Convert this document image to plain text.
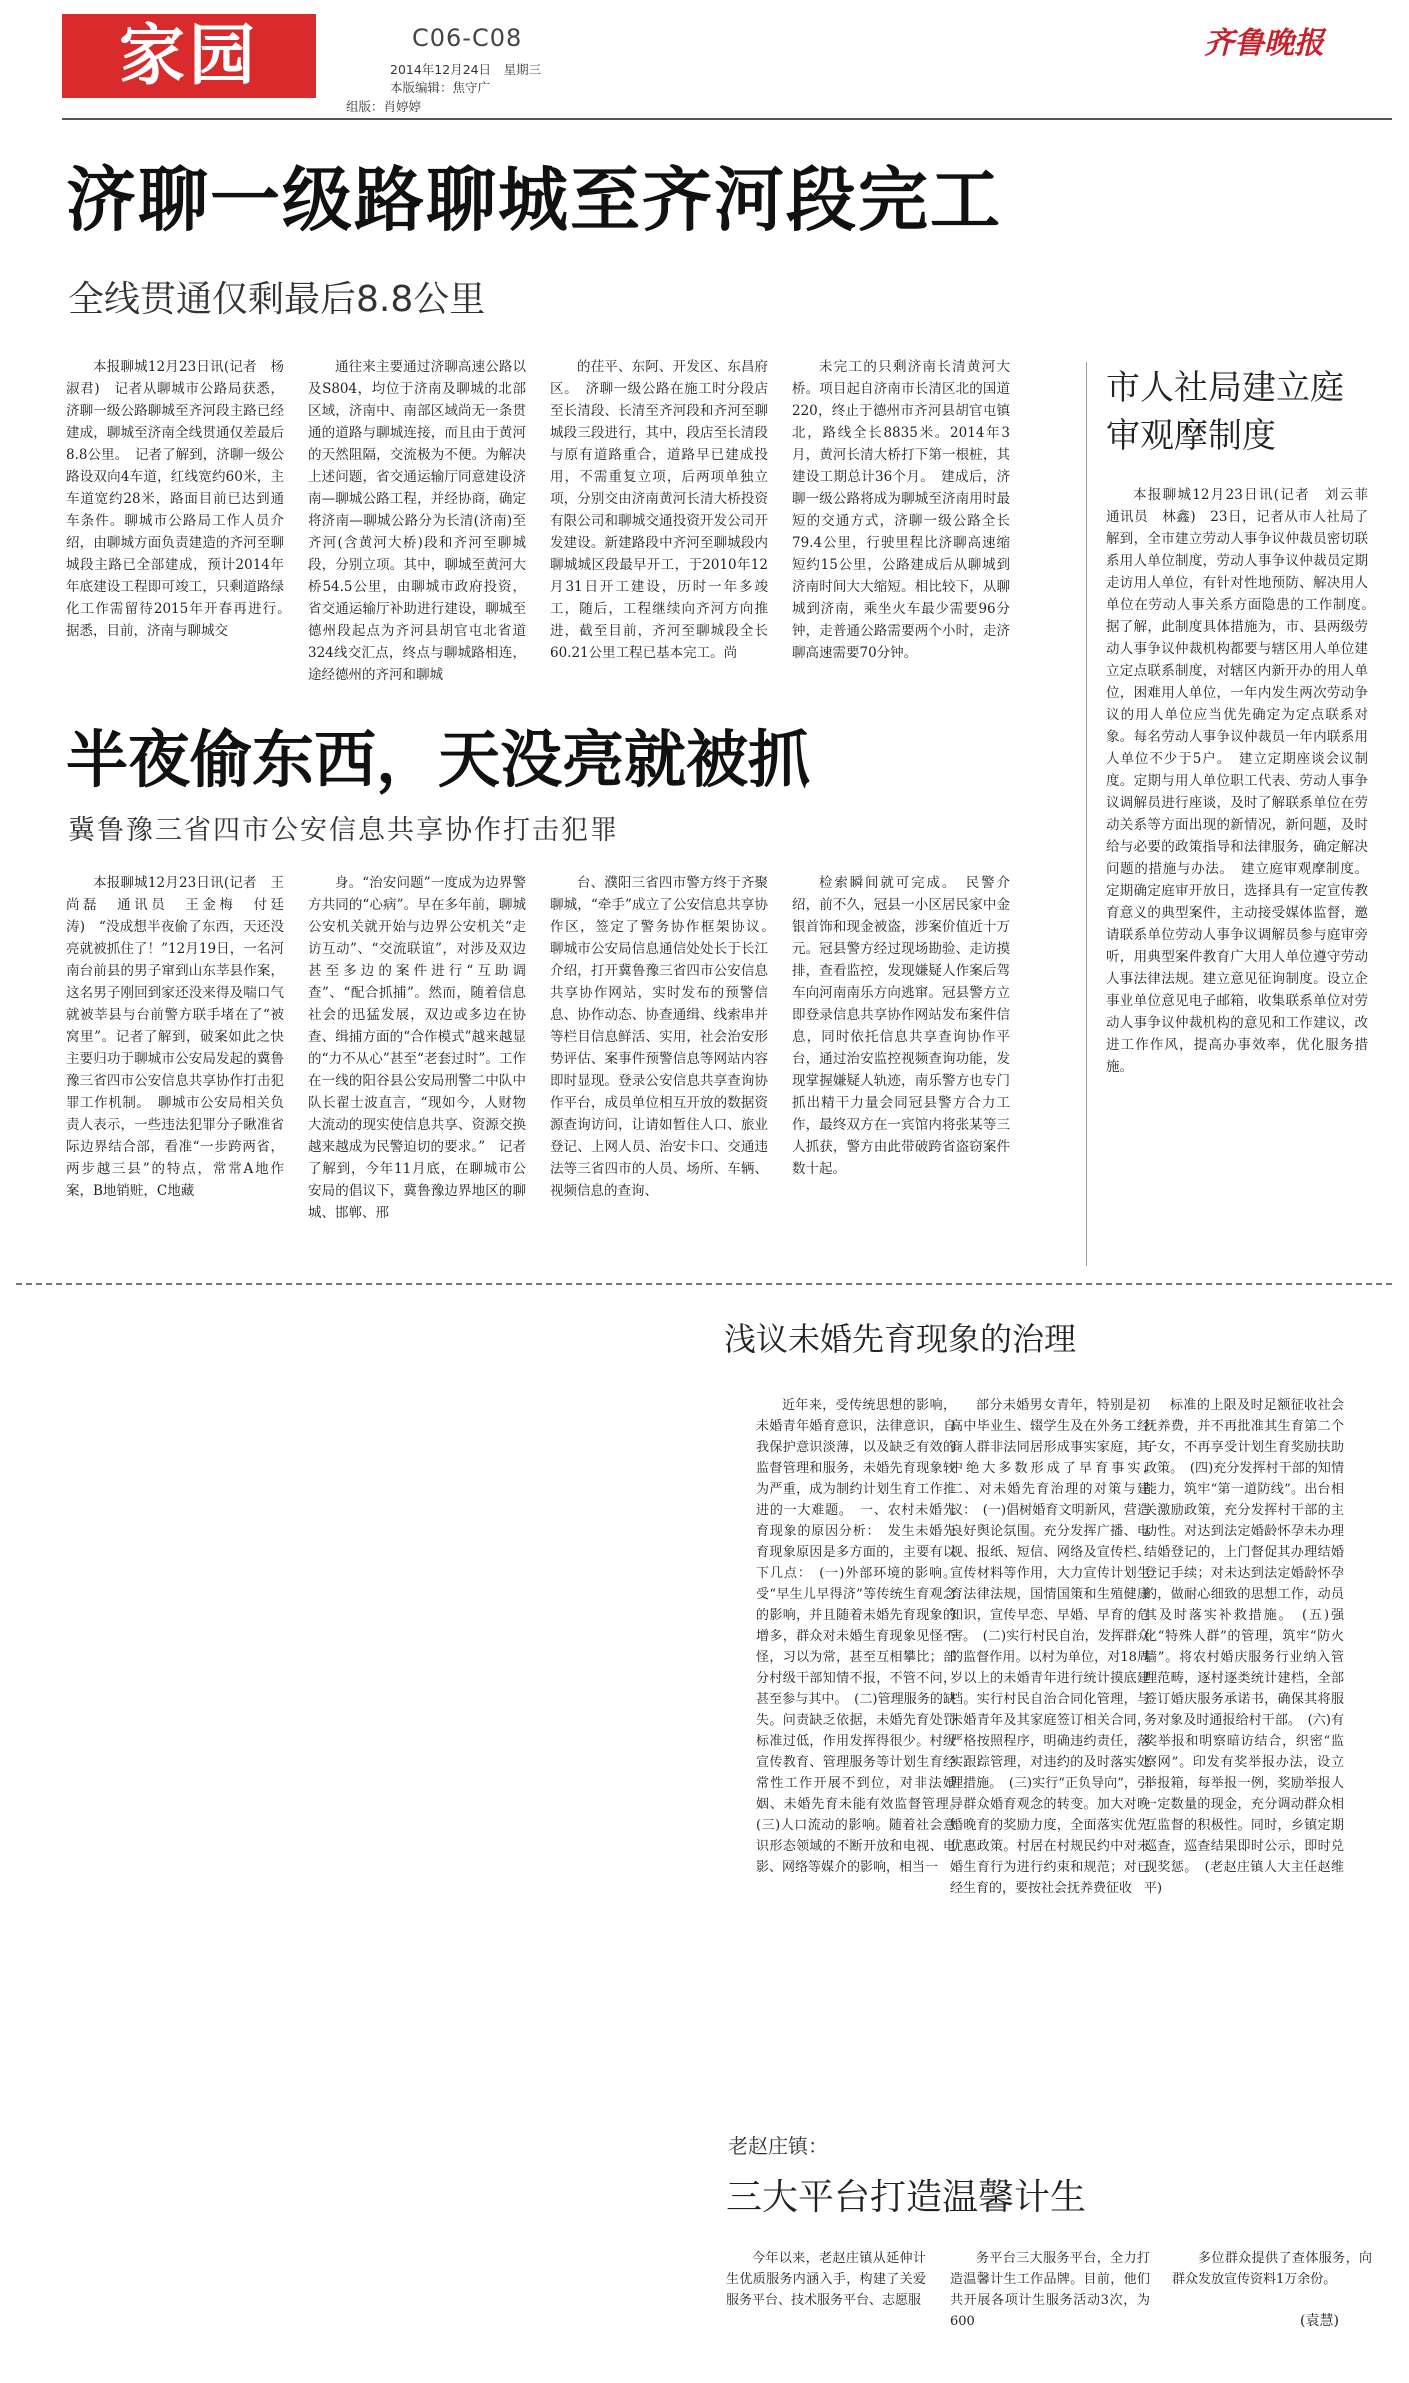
家园	C06-C08
2014年12月24日　星期三
本版编辑：焦守广
组版：肖婷婷
齐鲁晚报
济聊一级路聊城至齐河段完工
全线贯通仅剩最后8.8公里

本报聊城12月23日讯(记者　杨淑君)　记者从聊城市公路局获悉，济聊一级公路聊城至齐河段主路已经建成，聊城至济南全线贯通仅差最后8.8公里。　记者了解到，济聊一级公路设双向4车道，红线宽约60米，主车道宽约28米，路面目前已达到通车条件。聊城市公路局工作人员介绍，由聊城方面负责建造的齐河至聊城段主路已全部建成，预计2014年年底建设工程即可竣工，只剩道路绿化工作需留待2015年开春再进行。　据悉，目前，济南与聊城交

通往来主要通过济聊高速公路以及S804，均位于济南及聊城的北部区域，济南中、南部区域尚无一条贯通的道路与聊城连接，而且由于黄河的天然阻隔，交流极为不便。为解决上述问题，省交通运输厅同意建设济南—聊城公路工程，并经协商，确定将济南—聊城公路分为长清(济南)至齐河(含黄河大桥)段和齐河至聊城段，分别立项。其中，聊城至黄河大桥54.5公里，由聊城市政府投资，省交通运输厅补助进行建设，聊城至德州段起点为齐河县胡官屯北省道324线交汇点，终点与聊城路相连，途经德州的齐河和聊城

的茌平、东阿、开发区、东昌府区。　济聊一级公路在施工时分段店至长清段、长清至齐河段和齐河至聊城段三段进行，其中，段店至长清段与原有道路重合，道路早已建成投用，不需重复立项，后两项单独立项，分别交由济南黄河长清大桥投资有限公司和聊城交通投资开发公司开发建设。新建路段中齐河至聊城段内聊城城区段最早开工，于2010年12月31日开工建设，历时一年多竣工，随后，工程继续向齐河方向推进，截至目前，齐河至聊城段全长60.21公里工程已基本完工。尚

未完工的只剩济南长清黄河大桥。项目起自济南市长清区北的国道220，终止于德州市齐河县胡官屯镇北，路线全长8835米。2014年3月，黄河长清大桥打下第一根桩，其建设工期总计36个月。　建成后，济聊一级公路将成为聊城至济南用时最短的交通方式，济聊一级公路全长79.4公里，行驶里程比济聊高速缩短约15公里，公路建成后从聊城到济南时间大大缩短。相比较下，从聊城到济南，乘坐火车最少需要96分钟，走普通公路需要两个小时，走济聊高速需要70分钟。

半夜偷东西，天没亮就被抓
冀鲁豫三省四市公安信息共享协作打击犯罪

本报聊城12月23日讯(记者　王尚磊　通讯员　王金梅　付廷涛)　“没成想半夜偷了东西，天还没亮就被抓住了！”12月19日，一名河南台前县的男子窜到山东莘县作案，这名男子刚回到家还没来得及喘口气就被莘县与台前警方联手堵在了“被窝里”。记者了解到，破案如此之快主要归功于聊城市公安局发起的冀鲁豫三省四市公安信息共享协作打击犯罪工作机制。　聊城市公安局相关负责人表示，一些违法犯罪分子瞅准省际边界结合部，看准“一步跨两省，两步越三县”的特点，常常A地作案，B地销赃，C地藏

身。“治安问题”一度成为边界警方共同的“心病”。早在多年前，聊城公安机关就开始与边界公安机关“走访互动”、“交流联谊”，对涉及双边甚至多边的案件进行“互助调查”、“配合抓捕”。然而，随着信息社会的迅猛发展，双边或多边在协查、缉捕方面的“合作模式”越来越显的“力不从心”甚至“老套过时”。工作在一线的阳谷县公安局刑警二中队中队长翟士波直言，“现如今，人财物大流动的现实使信息共享、资源交换越来越成为民警迫切的要求。”　记者了解到，今年11月底，在聊城市公安局的倡议下，冀鲁豫边界地区的聊城、邯郸、邢

台、濮阳三省四市警方终于齐聚聊城，“牵手”成立了公安信息共享协作区，签定了警务协作框架协议。　聊城市公安局信息通信处处长于长江介绍，打开冀鲁豫三省四市公安信息共享协作网站，实时发布的预警信息、协作动态、协查通缉、线索串并等栏目信息鲜活、实用，社会治安形势评估、案事件预警信息等网站内容即时显现。登录公安信息共享查询协作平台，成员单位相互开放的数据资源查询访问，让请如暂住人口、旅业登记、上网人员、治安卡口、交通违法等三省四市的人员、场所、车辆、视频信息的查询、

检索瞬间就可完成。　民警介绍，前不久，冠县一小区居民家中金银首饰和现金被盗，涉案价值近十万元。冠县警方经过现场勘验、走访摸排，查看监控，发现嫌疑人作案后驾车向河南南乐方向逃窜。冠县警方立即登录信息共享协作网站发布案件信息，同时依托信息共享查询协作平台，通过治安监控视频查询功能，发现掌握嫌疑人轨迹，南乐警方也专门抓出精干力量会同冠县警方合力工作，最终双方在一宾馆内将张某等三人抓获，警方由此带破跨省盗窃案件数十起。

市人社局建立庭审观摩制度

本报聊城12月23日讯(记者　刘云菲　通讯员　林鑫)　23日，记者从市人社局了解到，全市建立劳动人事争议仲裁员密切联系用人单位制度，劳动人事争议仲裁员定期走访用人单位，有针对性地预防、解决用人单位在劳动人事关系方面隐患的工作制度。　据了解，此制度具体措施为，市、县两级劳动人事争议仲裁机构都要与辖区用人单位建立定点联系制度，对辖区内新开办的用人单位，困难用人单位，一年内发生两次劳动争议的用人单位应当优先确定为定点联系对象。每名劳动人事争议仲裁员一年内联系用人单位不少于5户。　建立定期座谈会议制度。定期与用人单位职工代表、劳动人事争议调解员进行座谈，及时了解联系单位在劳动关系等方面出现的新情况，新问题，及时给与必要的政策指导和法律服务，确定解决问题的措施与办法。　建立庭审观摩制度。定期确定庭审开放日，选择具有一定宣传教育意义的典型案件，主动接受媒体监督，邀请联系单位劳动人事争议调解员参与庭审旁听，用典型案件教育广大用人单位遵守劳动人事法律法规。建立意见征询制度。设立企事业单位意见电子邮箱，收集联系单位对劳动人事争议仲裁机构的意见和工作建议，改进工作作风，提高办事效率，优化服务措施。

浅议未婚先育现象的治理

近年来，受传统思想的影响，未婚青年婚育意识，法律意识，自我保护意识淡薄，以及缺乏有效的监督管理和服务，未婚先育现象较为严重，成为制约计划生育工作推进的一大难题。　一、农村未婚先育现象的原因分析：　发生未婚先育现象原因是多方面的，主要有以下几点：　(一)外部环境的影响。受“早生儿早得济”等传统生育观念的影响，并且随着未婚先育现象的增多，群众对未婚生育现象见怪不怪，习以为常，甚至互相攀比；部分村级干部知情不报，不管不问，甚至参与其中。　(二)管理服务的缺失。问责缺乏依据，未婚先育处罚标准过低，作用发挥得很少。村级宣传教育、管理服务等计划生育经常性工作开展不到位，对非法婚姻、未婚先育未能有效监督管理。　(三)人口流动的影响。随着社会意识形态领域的不断开放和电视、电影、网络等媒介的影响，相当一

部分未婚男女青年，特别是初高中毕业生、辍学生及在外务工经商人群非法同居形成事实家庭，其中绝大多数形成了早育事实。　二、对未婚先育治理的对策与建议：　(一)倡树婚育文明新风，营造良好舆论氛围。充分发挥广播、电视、报纸、短信、网络及宣传栏、宣传材料等作用，大力宣传计划生育法律法规，国情国策和生殖健康知识，宣传早恋、早婚、早育的危害。　(二)实行村民自治，发挥群众的监督作用。以村为单位，对18周岁以上的未婚青年进行统计摸底建档。实行村民自治合同化管理，与未婚青年及其家庭签订相关合同，严格按照程序，明确违约责任，落实跟踪管理，对违约的及时落实处理措施。　(三)实行“正负导向”，引导群众婚育观念的转变。加大对晚婚晚育的奖励力度，全面落实优先优惠政策。村居在村规民约中对未婚生育行为进行约束和规范；对已经生育的，要按社会抚养费征收

标准的上限及时足额征收社会抚养费，并不再批准其生育第二个子女，不再享受计划生育奖励扶助政策。　(四)充分发挥村干部的知情能力，筑牢“第一道防线”。出台相关激励政策，充分发挥村干部的主动性。对达到法定婚龄怀孕未办理结婚登记的，上门督促其办理结婚登记手续；对未达到法定婚龄怀孕的，做耐心细致的思想工作，动员其及时落实补救措施。　(五)强化“特殊人群”的管理，筑牢“防火墙”。将农村婚庆服务行业纳入管理范畴，逐村逐类统计建档，全部签订婚庆服务承诺书，确保其将服务对象及时通报给村干部。　(六)有奖举报和明察暗访结合，织密“监察网”。印发有奖举报办法，设立举报箱，每举报一例，奖励举报人一定数量的现金，充分调动群众相互监督的积极性。同时，乡镇定期巡查，巡查结果即时公示，即时兑现奖惩。　(老赵庄镇人大主任赵维平)

老赵庄镇：
三大平台打造温馨计生

今年以来，老赵庄镇从延伸计生优质服务内涵入手，构建了关爱服务平台、技术服务平台、志愿服

务平台三大服务平台，全力打造温馨计生工作品牌。目前，他们共开展各项计生服务活动3次，为600

多位群众提供了查体服务，向群众发放宣传资料1万余份。

(袁慧)
